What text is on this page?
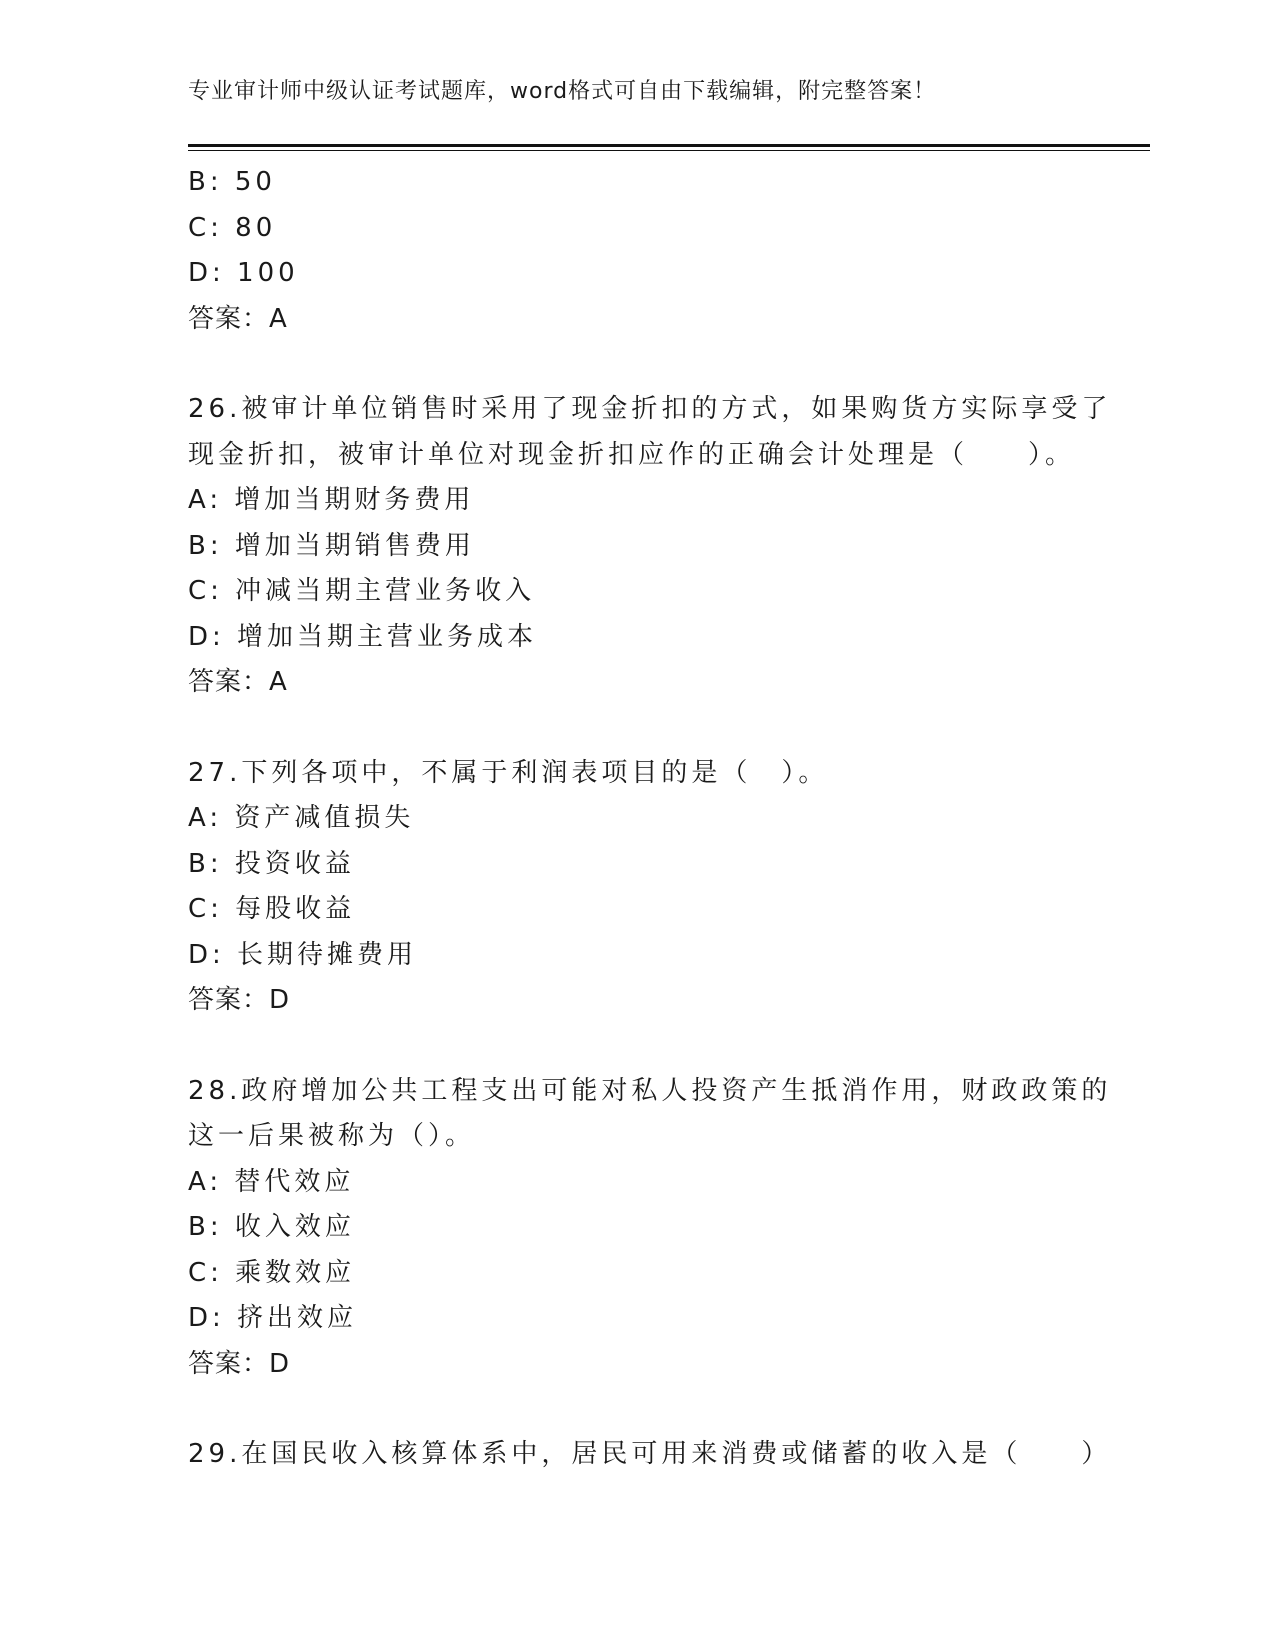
专业审计师中级认证考试题库，word格式可自由下载编辑，附完整答案！
B: 50
C: 80
D: 100
答案：A
26.被审计单位销售时采用了现金折扣的方式，如果购货方实际享受了
现金折扣，被审计单位对现金折扣应作的正确会计处理是（　　）。
A: 增加当期财务费用
B: 增加当期销售费用
C: 冲减当期主营业务收入
D: 增加当期主营业务成本
答案：A
27.下列各项中，不属于利润表项目的是（　）。
A: 资产减值损失
B: 投资收益
C: 每股收益
D: 长期待摊费用
答案：D
28.政府增加公共工程支出可能对私人投资产生抵消作用，财政政策的
这一后果被称为（）。
A: 替代效应
B: 收入效应
C: 乘数效应
D: 挤出效应
答案：D
29.在国民收入核算体系中，居民可用来消费或储蓄的收入是（　　）
